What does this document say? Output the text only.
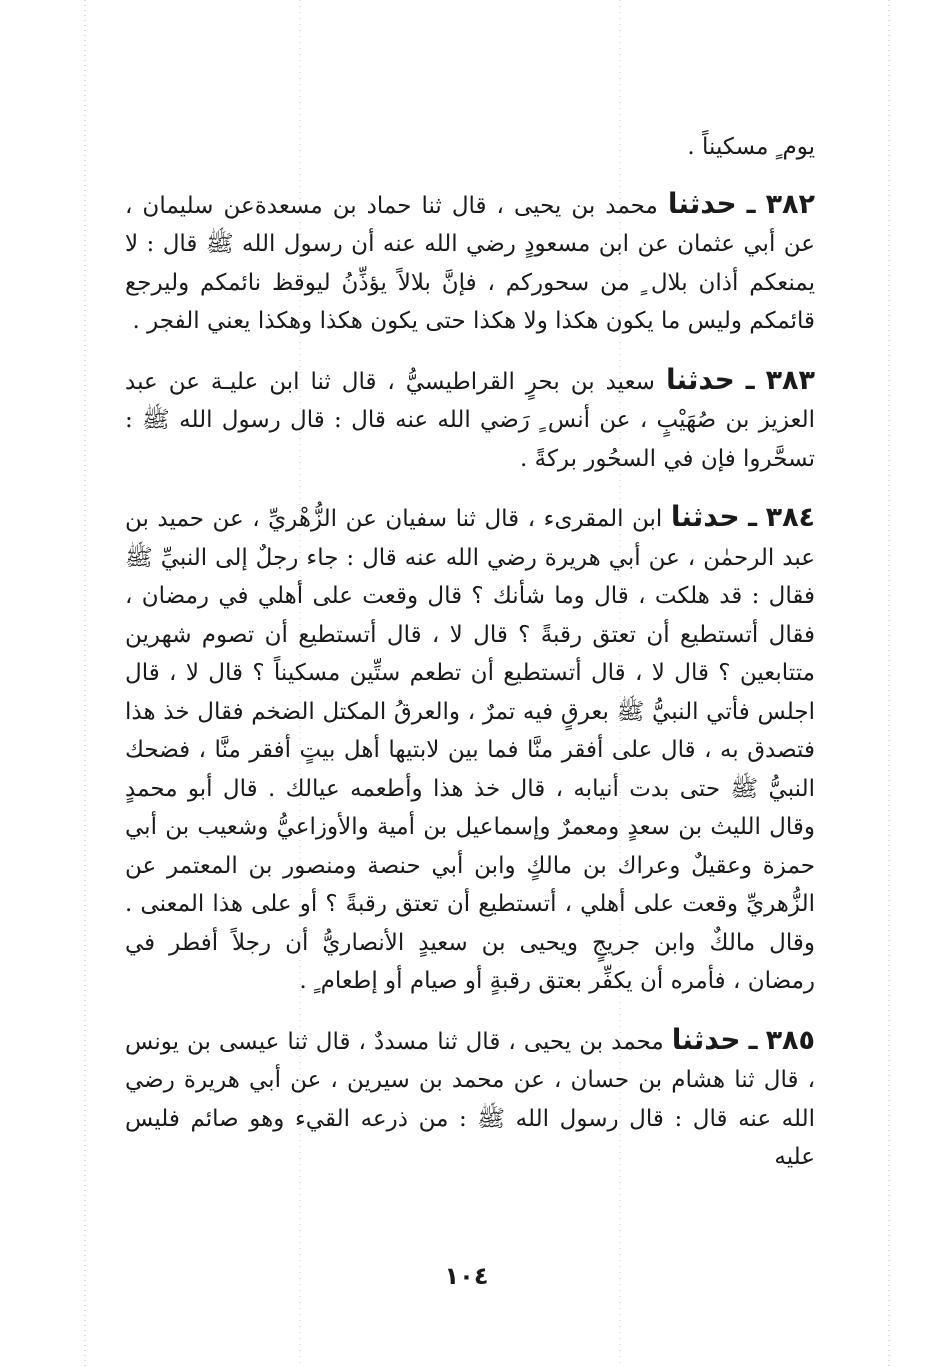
يوم ٍ مسكيناً .

٣٨٢ ـ حدثنا محمد بن يحيى ، قال ثنا حماد بن مسعدةعن سليمان ، عن أبي عثمان عن ابن مسعودٍ رضي الله عنه أن رسول الله ﷺ قال : لا يمنعكم أذان بلال ٍ من سحوركم ، فإنَّ بلالاً يؤذِّنُ ليوقظ نائمكم وليرجع قائمكم وليس ما يكون هكذا ولا هكذا حتى يكون هكذا وهكذا يعني الفجر .

٣٨٣ ـ حدثنا سعيد بن بحرٍ القراطيسيُّ ، قال ثنا ابن عليـة عن عبد العزيز بن صُهَيْبٍ ، عن أنس ٍ رَضي الله عنه قال : قال رسول الله ﷺ : تسحَّروا فإن في السحُور بركةً .

٣٨٤ ـ حدثنا ابن المقرىء ، قال ثنا سفيان عن الزُّهْريِّ ، عن حميد بن عبد الرحمٰن ، عن أبي هريرة رضي الله عنه قال : جاء رجلٌ إلى النبيِّ ﷺ فقال : قد هلكت ، قال وما شأنك ؟ قال وقعت على أهلي في رمضان ، فقال أتستطيع أن تعتق رقبةً ؟ قال لا ، قال أتستطيع أن تصوم شهرين متتابعين ؟ قال لا ، قال أتستطيع أن تطعم ستِّين مسكيناً ؟ قال لا ، قال اجلس فأتي النبيُّ ﷺ بعرقٍ فيه تمرٌ ، والعرقُ المكتل الضخم فقال خذ هذا فتصدق به ، قال على أفقر منَّا فما بين لابتيها أهل بيتٍ أفقر منَّا ، فضحك النبيُّ ﷺ حتى بدت أنيابه ، قال خذ هذا وأطعمه عيالك . قال أبو محمدٍ وقال الليث بن سعدٍ ومعمرٌ وإسماعيل بن أمية والأوزاعيُّ وشعيب بن أبي حمزة وعقيلٌ وعراك بن مالكٍ وابن أبي حنصة ومنصور بن المعتمر عن الزُّهريِّ وقعت على أهلي ، أتستطيع أن تعتق رقبةً ؟ أو على هذا المعنى . وقال مالكٌ وابن جريجٍ ويحيى بن سعيدٍ الأنصاريُّ أن رجلاً أفطر في رمضان ، فأمره أن يكفِّر بعتق رقبةٍ أو صيام أو إطعام ٍ .

٣٨٥ ـ حدثنا محمد بن يحيى ، قال ثنا مسددٌ ، قال ثنا عيسى بن يونس ، قال ثنا هشام بن حسان ، عن محمد بن سيرين ، عن أبي هريرة رضي الله عنه قال : قال رسول الله ﷺ : من ذرعه القيء وهو صائم فليس عليه

١٠٤
